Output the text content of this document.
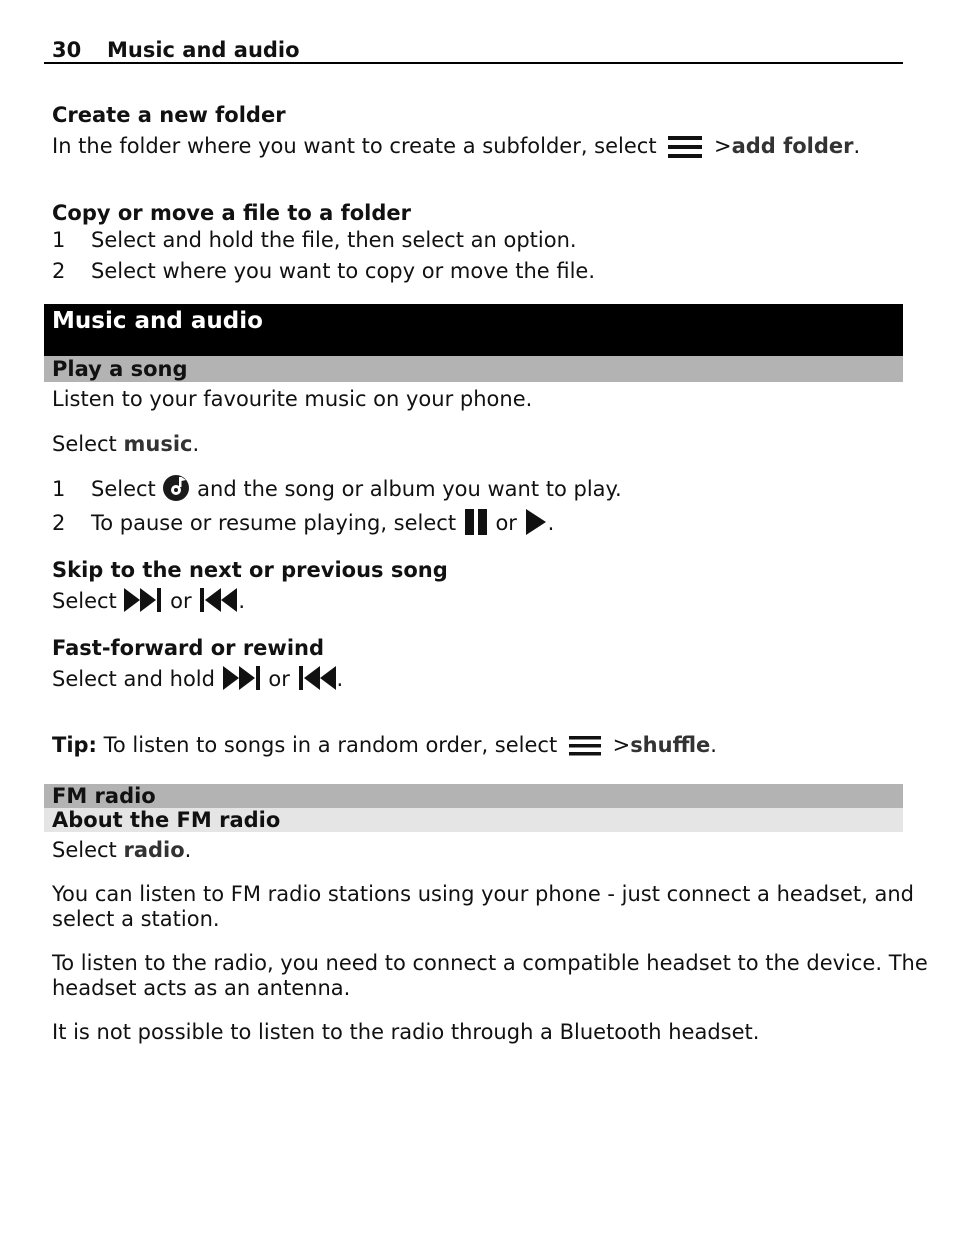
30 Music and audio
Create a new folder
In the folder where you want to create a subfolder, select	>add folder.
Copy or move a file to a folder
1 Select and hold the file, then select an option.
2 Select where you want to copy or move the file.
Music and audio
Play a song
Listen to your favourite music on your phone.
Select music.
1 Select and the song or album you want to play.
2 To pause or resume playing, select or .
Skip to the next or previous song
Select	or .
Fast-forward or rewind
Select and hold	or .
Tip: To listen to songs in a random order, select	>shuffle.
FM radio
About the FM radio
Select radio.
You can listen to FM radio stations using your phone - just connect a headset, and
select a station.
To listen to the radio, you need to connect a compatible headset to the device. The
headset acts as an antenna.
It is not possible to listen to the radio through a Bluetooth headset.
